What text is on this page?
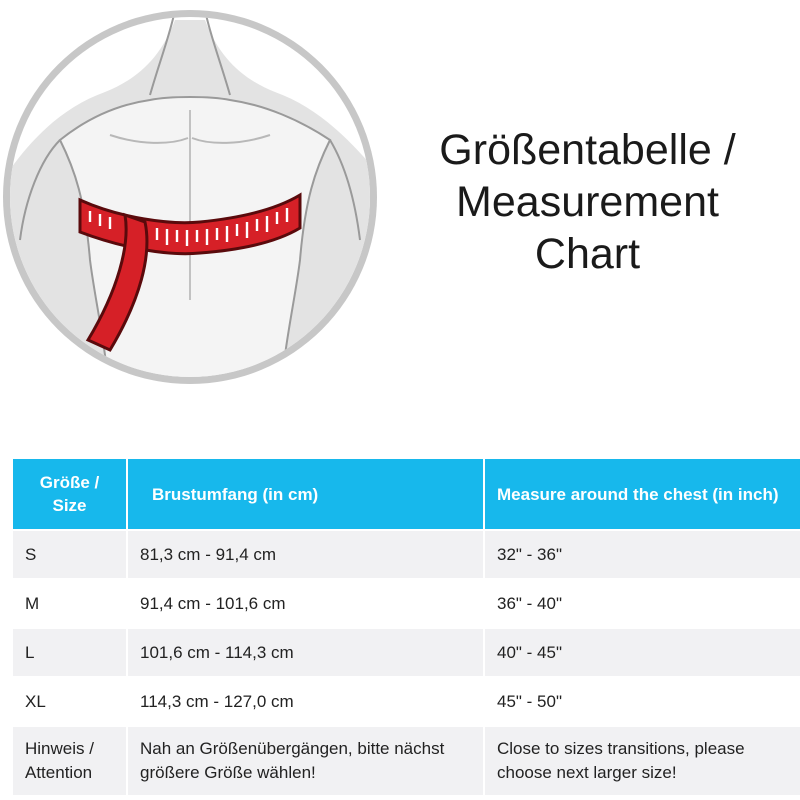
Größentabelle /
Measurement
Chart
Größe / Size	Brustumfang (in cm)	Measure around the chest (in inch)
S	81,3 cm - 91,4 cm	32" - 36"
M	91,4 cm - 101,6 cm	36" - 40"
L	101,6 cm - 114,3 cm	40" - 45"
XL	114,3 cm - 127,0 cm	45" - 50"
Hinweis / Attention	Nah an Größenübergängen, bitte nächst größere Größe wählen!	Close to sizes transitions, please choose next larger size!
